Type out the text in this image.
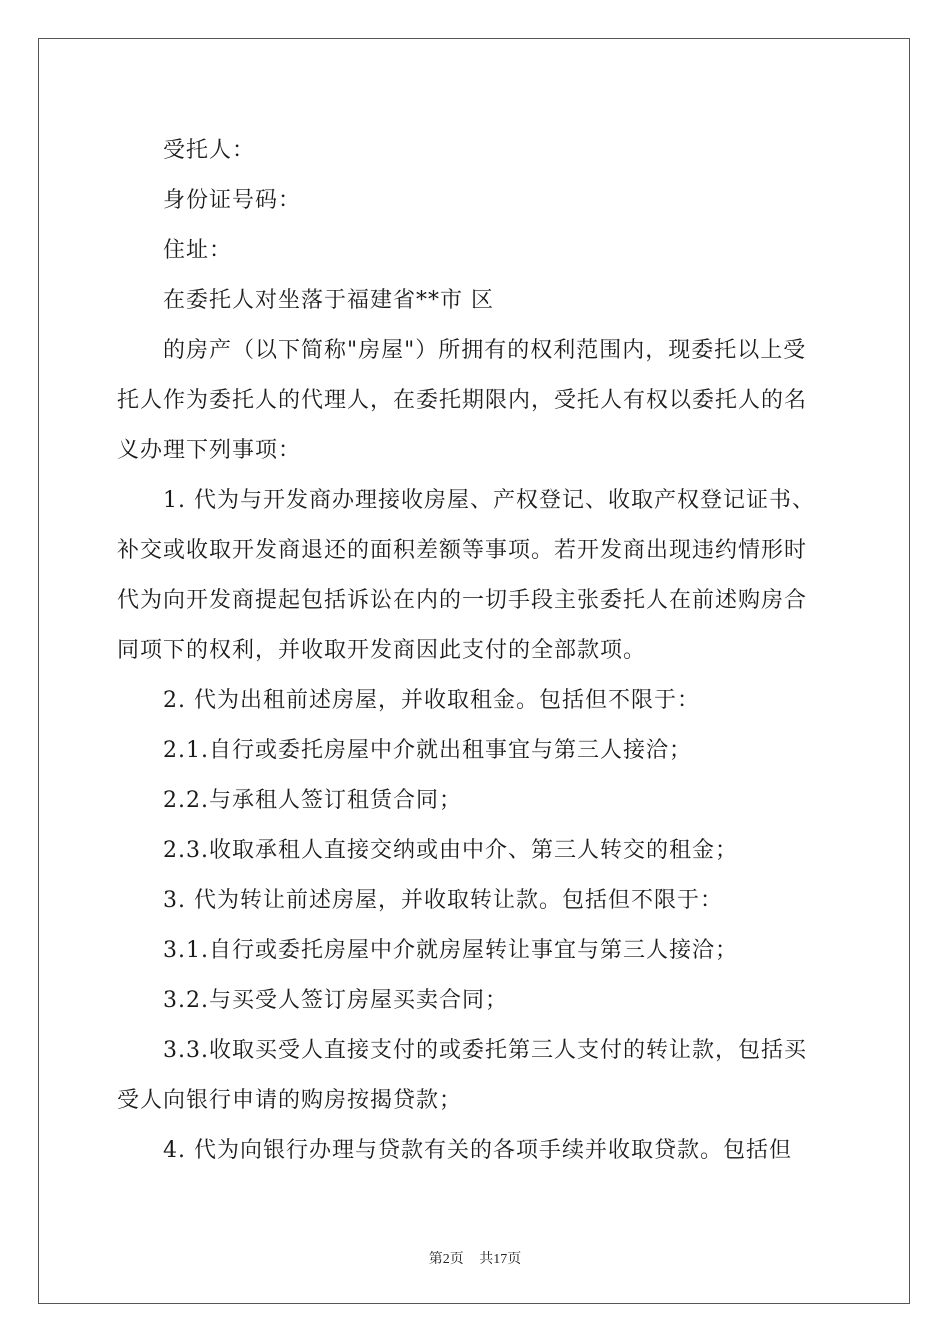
受托人：
身份证号码：
住址：
在委托人对坐落于福建省**市 区
的房产（以下简称"房屋"）所拥有的权利范围内，现委托以上受
托人作为委托人的代理人，在委托期限内，受托人有权以委托人的名
义办理下列事项：
1. 代为与开发商办理接收房屋、产权登记、收取产权登记证书、
补交或收取开发商退还的面积差额等事项。若开发商出现违约情形时
代为向开发商提起包括诉讼在内的一切手段主张委托人在前述购房合
同项下的权利，并收取开发商因此支付的全部款项。
2. 代为出租前述房屋，并收取租金。包括但不限于：
2.1.自行或委托房屋中介就出租事宜与第三人接洽；
2.2.与承租人签订租赁合同；
2.3.收取承租人直接交纳或由中介、第三人转交的租金；
3. 代为转让前述房屋，并收取转让款。包括但不限于：
3.1.自行或委托房屋中介就房屋转让事宜与第三人接洽；
3.2.与买受人签订房屋买卖合同；
3.3.收取买受人直接支付的或委托第三人支付的转让款，包括买
受人向银行申请的购房按揭贷款；
4. 代为向银行办理与贷款有关的各项手续并收取贷款。包括但
第2页 共17页
